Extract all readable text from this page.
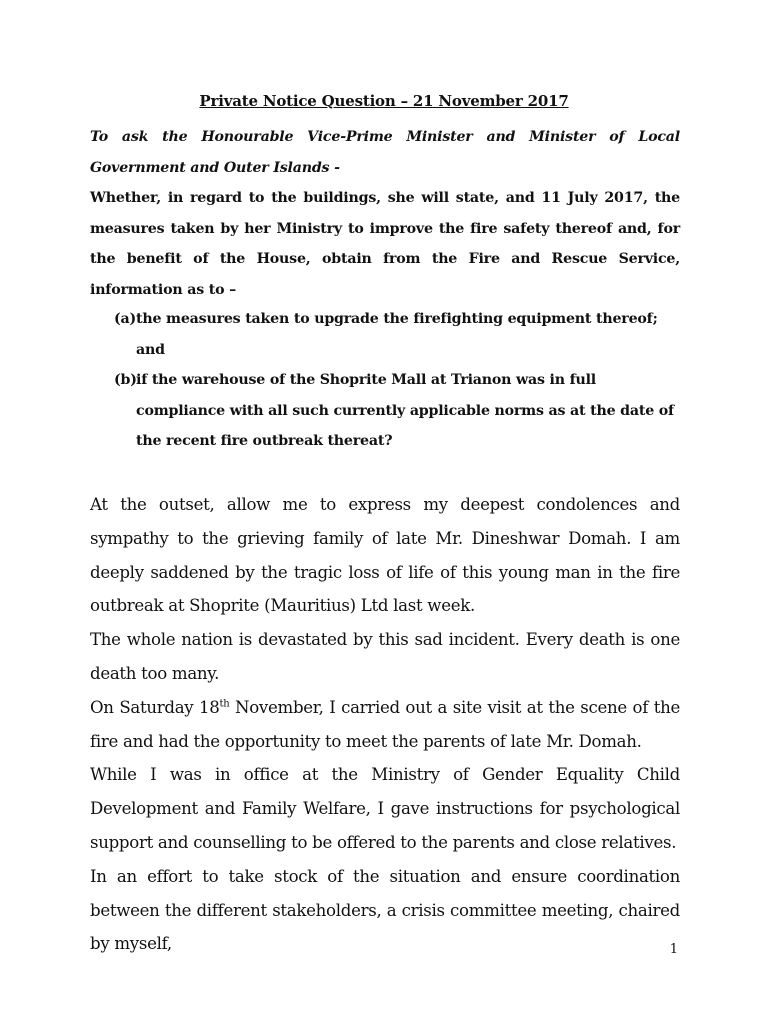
Private Notice Question – 21 November 2017

To ask the Honourable Vice-Prime Minister and Minister of Local Government and Outer Islands -

Whether, in regard to the buildings, she will state, and 11 July 2017, the measures taken by her Ministry to improve the fire safety thereof and, for the benefit of the House, obtain from the Fire and Rescue Service, information as to –

(a) the measures taken to upgrade the firefighting equipment thereof;
and
(b) if the warehouse of the Shoprite Mall at Trianon was in full compliance with all such currently applicable norms as at the date of the recent fire outbreak thereat?

At the outset, allow me to express my deepest condolences and sympathy to the grieving family of late Mr. Dineshwar Domah. I am deeply saddened by the tragic loss of life of this young man in the fire outbreak at Shoprite (Mauritius) Ltd last week.

The whole nation is devastated by this sad incident. Every death is one death too many.

On Saturday 18th November, I carried out a site visit at the scene of the fire and had the opportunity to meet the parents of late Mr. Domah.

While I was in office at the Ministry of Gender Equality Child Development and Family Welfare, I gave instructions for psychological support and counselling to be offered to the parents and close relatives.

In an effort to take stock of the situation and ensure coordination between the different stakeholders, a crisis committee meeting, chaired by myself,	1
